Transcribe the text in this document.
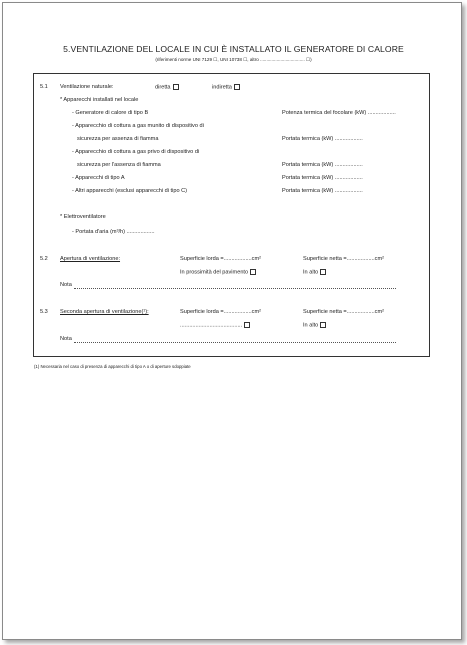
5.VENTILAZIONE DEL LOCALE IN CUI È INSTALLATO IL GENERATORE DI CALORE
(riferimenti norme UNI 7129 ☐, UNI 10738 ☐, altro ................................... ☐)
5.1 Ventilazione naturale:	diretta	indiretta
* Apparecchi installati nel locale
- Generatore di calore di tipo B	Potenza termica del focolare (kW) ..................
- Apparecchio di cottura a gas munito di dispositivo di
sicurezza per assenza di fiamma	Portata termica (kW) ..................
- Apparecchio di cottura a gas privo di dispositivo di
sicurezza per l'assenza di fiamma	Portata termica (kW) ..................
- Apparecchi di tipo A	Portata termica (kW) ..................
- Altri apparecchi (esclusi apparecchi di tipo C)	Portata termica (kW) ..................
* Elettroventilatore
- Portata d'aria (m³/h) ..................
5.2 Apertura di ventilazione:	Superficie lorda =..................cm²	Superficie netta =..................cm²
In prossimità del pavimento	In alto
Nota
5.3 Seconda apertura di ventilazione(¹):	Superficie lorda =..................cm²	Superficie netta =..................cm²
........................................	In alto
Nota
(1) Necessaria nel caso di presenza di apparecchi di tipo A o di aperture sdoppiate
